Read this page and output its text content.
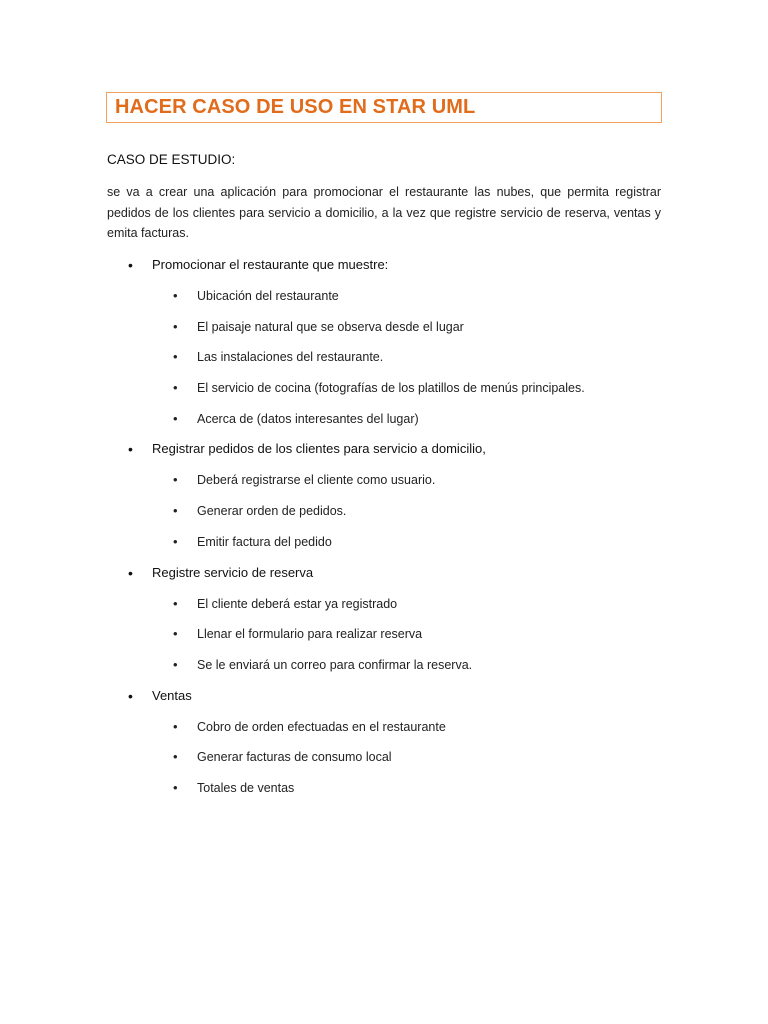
HACER CASO DE USO EN STAR UML
CASO DE ESTUDIO:
se va a crear una aplicación para promocionar el restaurante las nubes, que permita registrar pedidos de los clientes para servicio a domicilio, a la vez que registre servicio de reserva, ventas y emita facturas.
• Promocionar el restaurante que muestre:
• Ubicación del restaurante
• El paisaje natural que se observa desde el lugar
• Las instalaciones del restaurante.
• El servicio de cocina (fotografías de los platillos de menús principales.
• Acerca de (datos interesantes del lugar)
• Registrar pedidos de los clientes para servicio a domicilio,
• Deberá registrarse el cliente como usuario.
• Generar orden de pedidos.
• Emitir factura del pedido
• Registre servicio de reserva
• El cliente deberá estar ya registrado
• Llenar el formulario para realizar reserva
• Se le enviará un correo para confirmar la reserva.
• Ventas
• Cobro de orden efectuadas en el restaurante
• Generar facturas de consumo local
• Totales de ventas
